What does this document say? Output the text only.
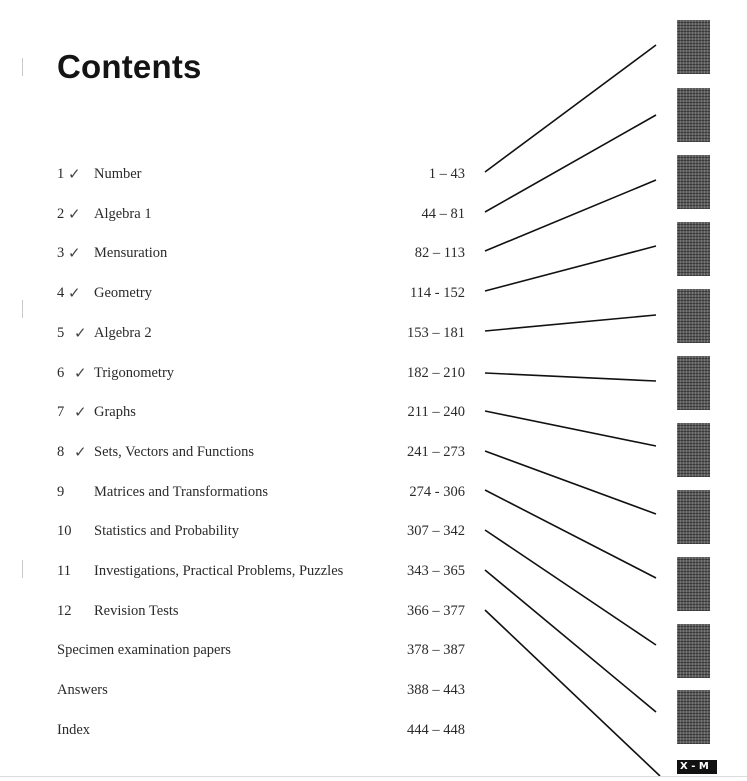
Contents
1 ✓ Number	1 – 43
2 ✓ Algebra 1	44 – 81
3 ✓ Mensuration	82 – 113
4 ✓ Geometry	114 - 152
5 ✓ Algebra 2	153 – 181
6 ✓ Trigonometry	182 – 210
7 ✓ Graphs	211 – 240
8 ✓ Sets, Vectors and Functions	241 – 273
9 Matrices and Transformations	274 - 306
10 Statistics and Probability	307 – 342
11 Investigations, Practical Problems, Puzzles	343 – 365
12 Revision Tests	366 – 377
Specimen examination papers	378 – 387
Answers	388 – 443
Index	444 – 448
X - M
